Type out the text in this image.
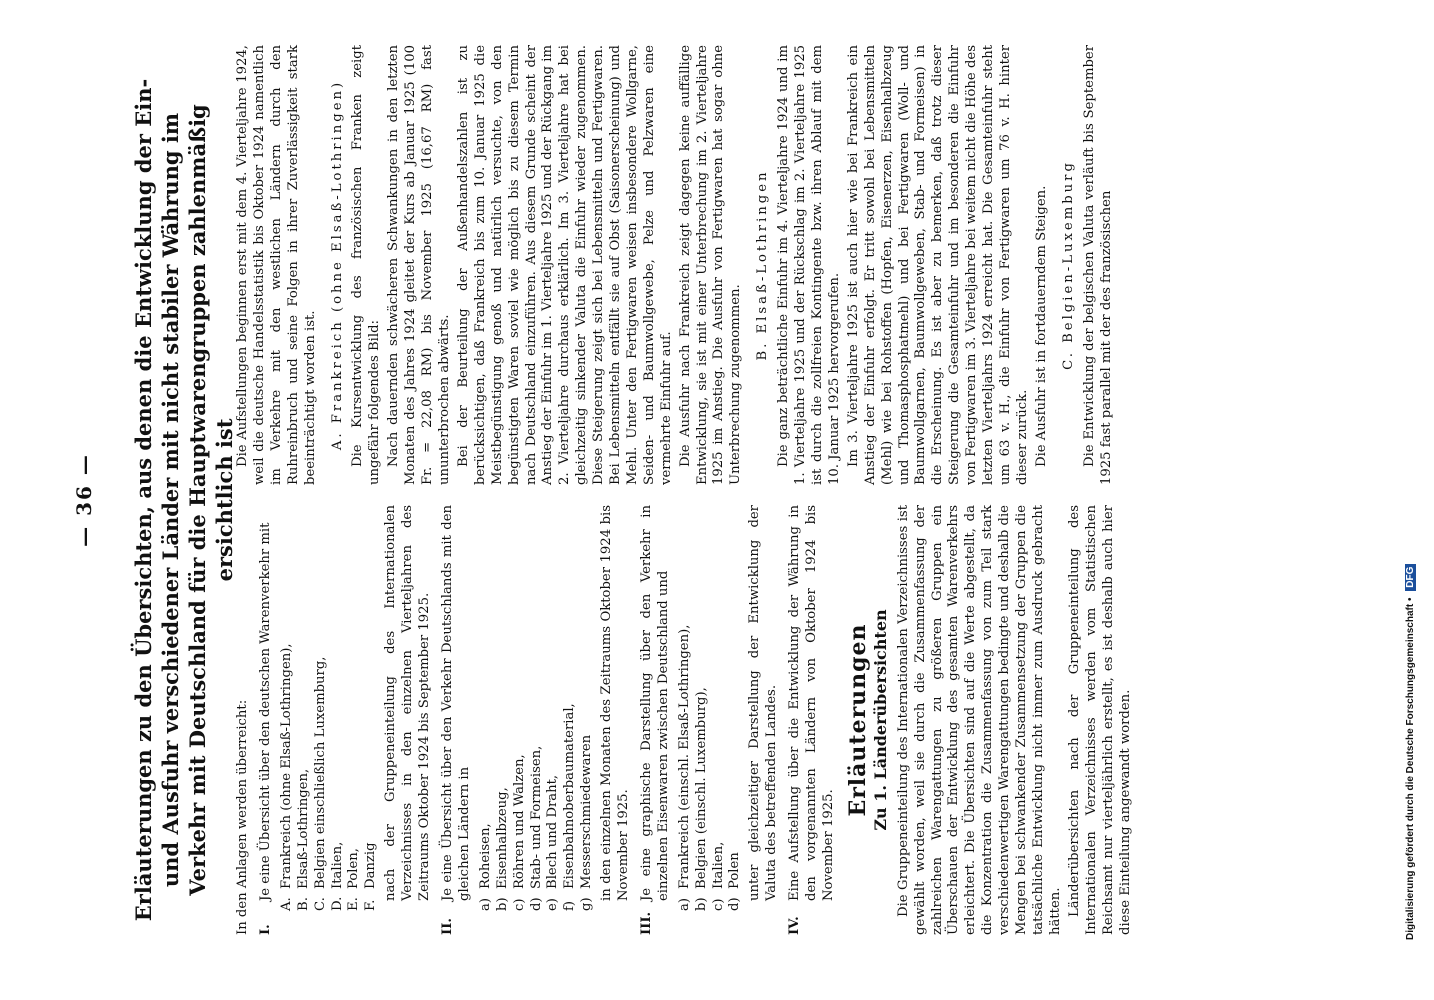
— 36 — Erläuterungen zu den Übersichten, aus denen die Entwicklung der Ein- und Ausfuhr verschiedener Länder mit nicht stabiler Währung im Verkehr mit Deutschland für die Hauptwarengruppen zahlenmäßig ersichtlich ist

In den Anlagen werden überreicht: I.
Je eine Übersicht über den deutschen Warenverkehr mit
A.
Frankreich (ohne Elsaß-Lothringen),
B.
Elsaß-Lothringen,
C.
Belgien einschließlich Luxemburg,
D.
Italien,
E.
Polen,
F.
Danzig nach der Gruppeneinteilung des Internationalen Verzeichnisses in den einzelnen Vierteljahren des Zeitraums Oktober 1924 bis September 1925.

II.
Je eine Übersicht über den Verkehr Deutschlands mit den gleichen Ländern in
a)
Roheisen,
b)
Eisenhalbzeug,
c)
Röhren und Walzen,
d)
Stab- und Formeisen,
e)
Blech und Draht,
f)
Eisenbahnoberbaumaterial,
g)
Messerschmiedewaren in den einzelnen Monaten des Zeitraums Oktober 1924 bis November 1925.

III.
Je eine graphische Darstellung über den Verkehr in einzelnen Eisenwaren zwischen Deutschland und
a)
Frankreich (einschl. Elsaß-Lothringen),
b)
Belgien (einschl. Luxemburg),
c)
Italien,
d)
Polen unter gleichzeitiger Darstellung der Entwicklung der Valuta des betreffenden Landes.

IV.
Eine Aufstellung über die Entwicklung der Währung in den vorgenannten Ländern von Oktober 1924 bis November 1925.
Erläuterungen Zu 1. Länderübersichten Die Gruppeneinteilung des Internationalen Verzeichnisses ist gewählt worden, weil sie durch die Zusammenfassung der zahlreichen Warengattungen zu größeren Gruppen ein Überschauen der Entwicklung des gesamten Warenverkehrs erleichtert. Die Übersichten sind auf die Werte abgestellt, da die Konzentration die Zusammenfassung von zum Teil stark verschiedenwertigen Warengattungen bedingte und deshalb die Mengen bei schwankender Zusammensetzung der Gruppen die tatsächliche Entwicklung nicht immer zum Ausdruck gebracht hätten. Länderübersichten nach der Gruppeneinteilung des Internationalen Verzeichnisses werden vom Statistischen Reichsamt nur vierteljährlich erstellt, es ist deshalb auch hier diese Einteilung angewandt worden.

Die Aufstellungen beginnen erst mit dem 4. Vierteljahre 1924, weil die deutsche Handelsstatistik bis Oktober 1924 namentlich im Verkehre mit den westlichen Ländern durch den Ruhreinbruch und seine Folgen in ihrer Zuverlässigkeit stark beeinträchtigt worden ist. A. Frankreich (ohne Elsaß-Lothringen) Die Kursentwicklung des französischen Franken zeigt ungefähr folgendes Bild: Nach dauernden schwächeren Schwankungen in den letzten Monaten des Jahres 1924 gleitet der Kurs ab Januar 1925 (100 Fr. = 22,08 RM) bis November 1925 (16,67 RM) fast ununterbrochen abwärts. Bei der Beurteilung der Außenhandelszahlen ist zu berücksichtigen, daß Frankreich bis zum 10. Januar 1925 die Meistbegünstigung genoß und natürlich versuchte, von den begünstigten Waren soviel wie möglich bis zu diesem Termin nach Deutschland einzuführen. Aus diesem Grunde scheint der Anstieg der Einfuhr im 1. Vierteljahre 1925 und der Rückgang im 2. Vierteljahre durchaus erklärlich. Im 3. Vierteljahre hat bei gleichzeitig sinkender Valuta die Einfuhr wieder zugenommen. Diese Steigerung zeigt sich bei Lebensmitteln und Fertigwaren. Bei Lebensmitteln entfällt sie auf Obst (Saisonerscheinung) und Mehl. Unter den Fertigwaren weisen insbesondere Wollgarne, Seiden- und Baumwollgewebe, Pelze und Pelzwaren eine vermehrte Einfuhr auf. Die Ausfuhr nach Frankreich zeigt dagegen keine auffällige Entwicklung, sie ist mit einer Unterbrechung im 2. Vierteljahre 1925 im Anstieg. Die Ausfuhr von Fertigwaren hat sogar ohne Unterbrechung zugenommen.

B. Elsaß-Lothringen Die ganz beträchtliche Einfuhr im 4. Vierteljahre 1924 und im 1. Vierteljahre 1925 und der Rückschlag im 2. Vierteljahre 1925 ist durch die zollfreien Kontingente bzw. ihren Ablauf mit dem 10. Januar 1925 hervorgerufen. Im 3. Vierteljahre 1925 ist auch hier wie bei Frankreich ein Anstieg der Einfuhr erfolgt. Er tritt sowohl bei Lebensmitteln (Mehl) wie bei Rohstoffen (Hopfen, Eisenerzen, Eisenhalbzeug und Thomasphosphatmehl) und bei Fertigwaren (Woll- und Baumwollgarnen, Baumwollgeweben, Stab- und Formeisen) in die Erscheinung. Es ist aber zu bemerken, daß trotz dieser Steigerung die Gesamteinfuhr und im besonderen die Einfuhr von Fertigwaren im 3. Vierteljahre bei weitem nicht die Höhe des letzten Vierteljahrs 1924 erreicht hat. Die Gesamteinfuhr steht um 63 v. H., die Einfuhr von Fertigwaren um 76 v. H. hinter dieser zurück. Die Ausfuhr ist in fortdauerndem Steigen. C. Belgien-Luxemburg Die Entwicklung der belgischen Valuta verläuft bis September 1925 fast parallel mit der des französischen

Digitalisierung gefördert durch die Deutsche Forschungsgemeinschaft • DFG
